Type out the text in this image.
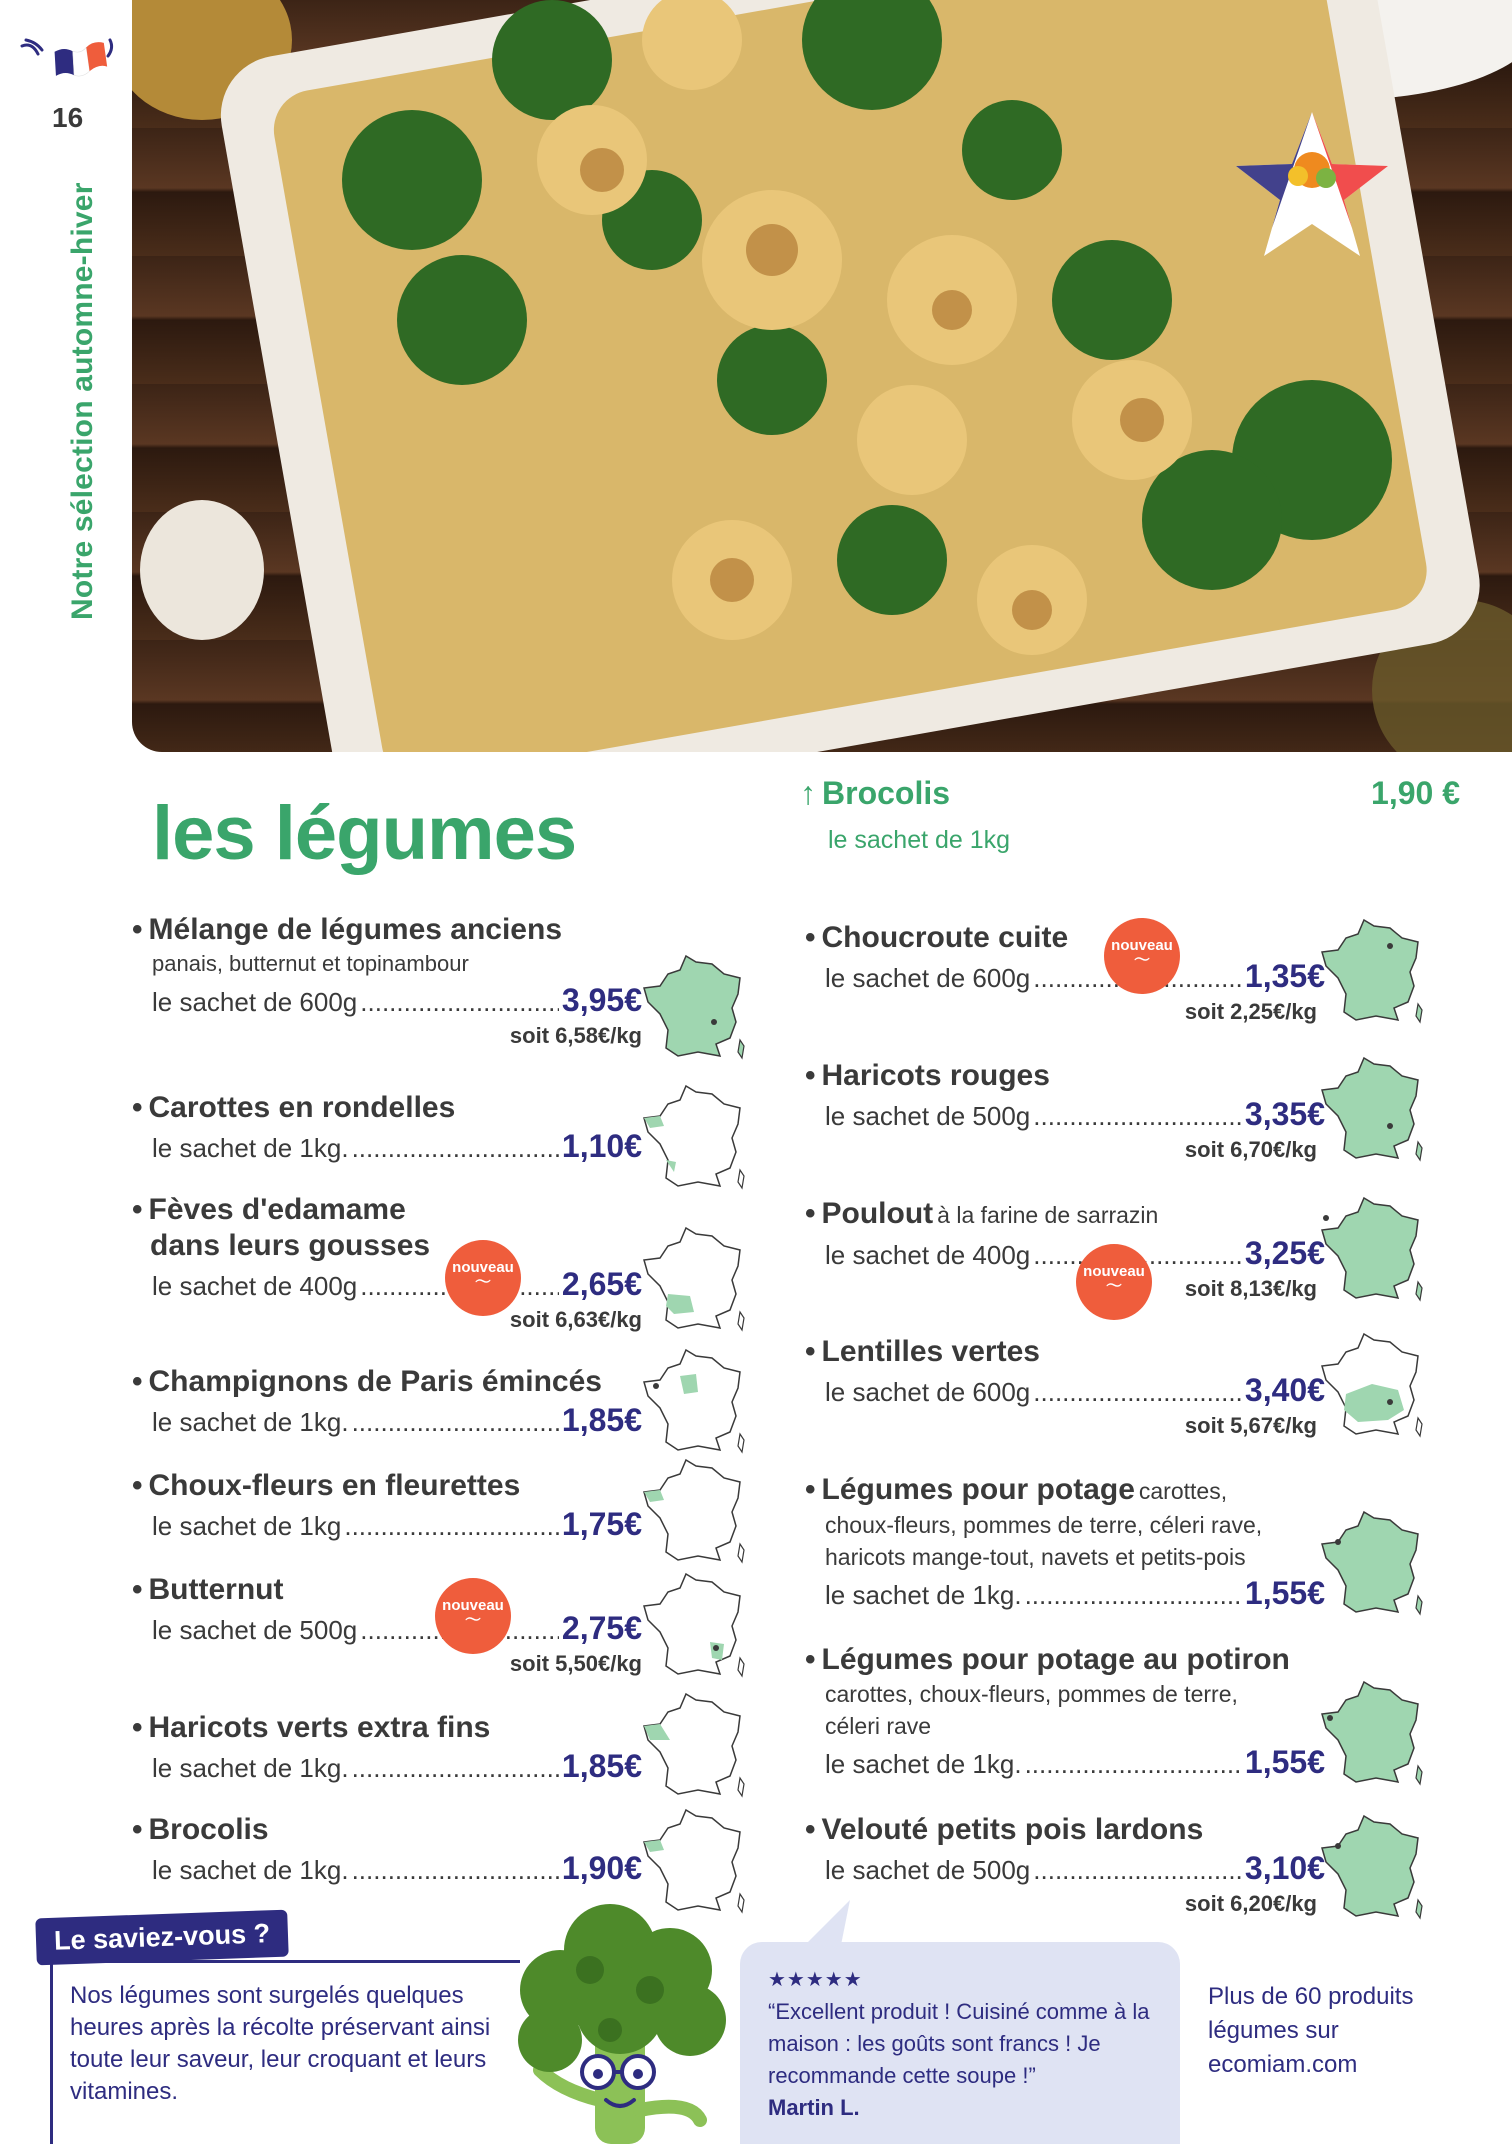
16
Notre sélection automne-hiver
les légumes	↑ Brocolis	1,90 €
le sachet de 1kg
• Mélange de légumes anciens
panais, butternut et topinambour
le sachet de 600g .....	3,95€
soit 6,58€/kg
• Carottes en rondelles
le sachet de 1kg. .....	1,10€
• Fèves d'edamame
dans leurs gousses
le sachet de 400g .....	2,65€
soit 6,63€/kg
• Champignons de Paris émincés
le sachet de 1kg. .....	1,85€
• Choux-fleurs en fleurettes
le sachet de 1kg .....	1,75€
• Butternut
le sachet de 500g .....	2,75€
soit 5,50€/kg
• Haricots verts extra fins
le sachet de 1kg. .....	1,85€
• Brocolis
le sachet de 1kg. .....	1,90€
• Choucroute cuite
le sachet de 600g .....	1,35€
soit 2,25€/kg
• Haricots rouges
le sachet de 500g .....	3,35€
soit 6,70€/kg
• Poulout à la farine de sarrazin
le sachet de 400g .....	3,25€
soit 8,13€/kg
• Lentilles vertes
le sachet de 600g .....	3,40€
soit 5,67€/kg
• Légumes pour potage carottes,
choux-fleurs, pommes de terre, céleri rave,
haricots mange-tout, navets et petits-pois
le sachet de 1kg. .....	1,55€
• Légumes pour potage au potiron
carottes, choux-fleurs, pommes de terre,
céleri rave
le sachet de 1kg. .....	1,55€
• Velouté petits pois lardons
le sachet de 500g .....	3,10€
soit 6,20€/kg
nouveau
〜
nouveau
〜
nouveau
〜
nouveau
〜
Le saviez-vous ?
Nos légumes sont surgelés quelques heures après la récolte préservant ainsi toute leur saveur, leur croquant et leurs vitamines.
★★★★★
“Excellent produit ! Cuisiné comme à la maison : les goûts sont francs ! Je recommande cette soupe !”
Martin L.
Plus de 60 produits légumes sur ecomiam.com
